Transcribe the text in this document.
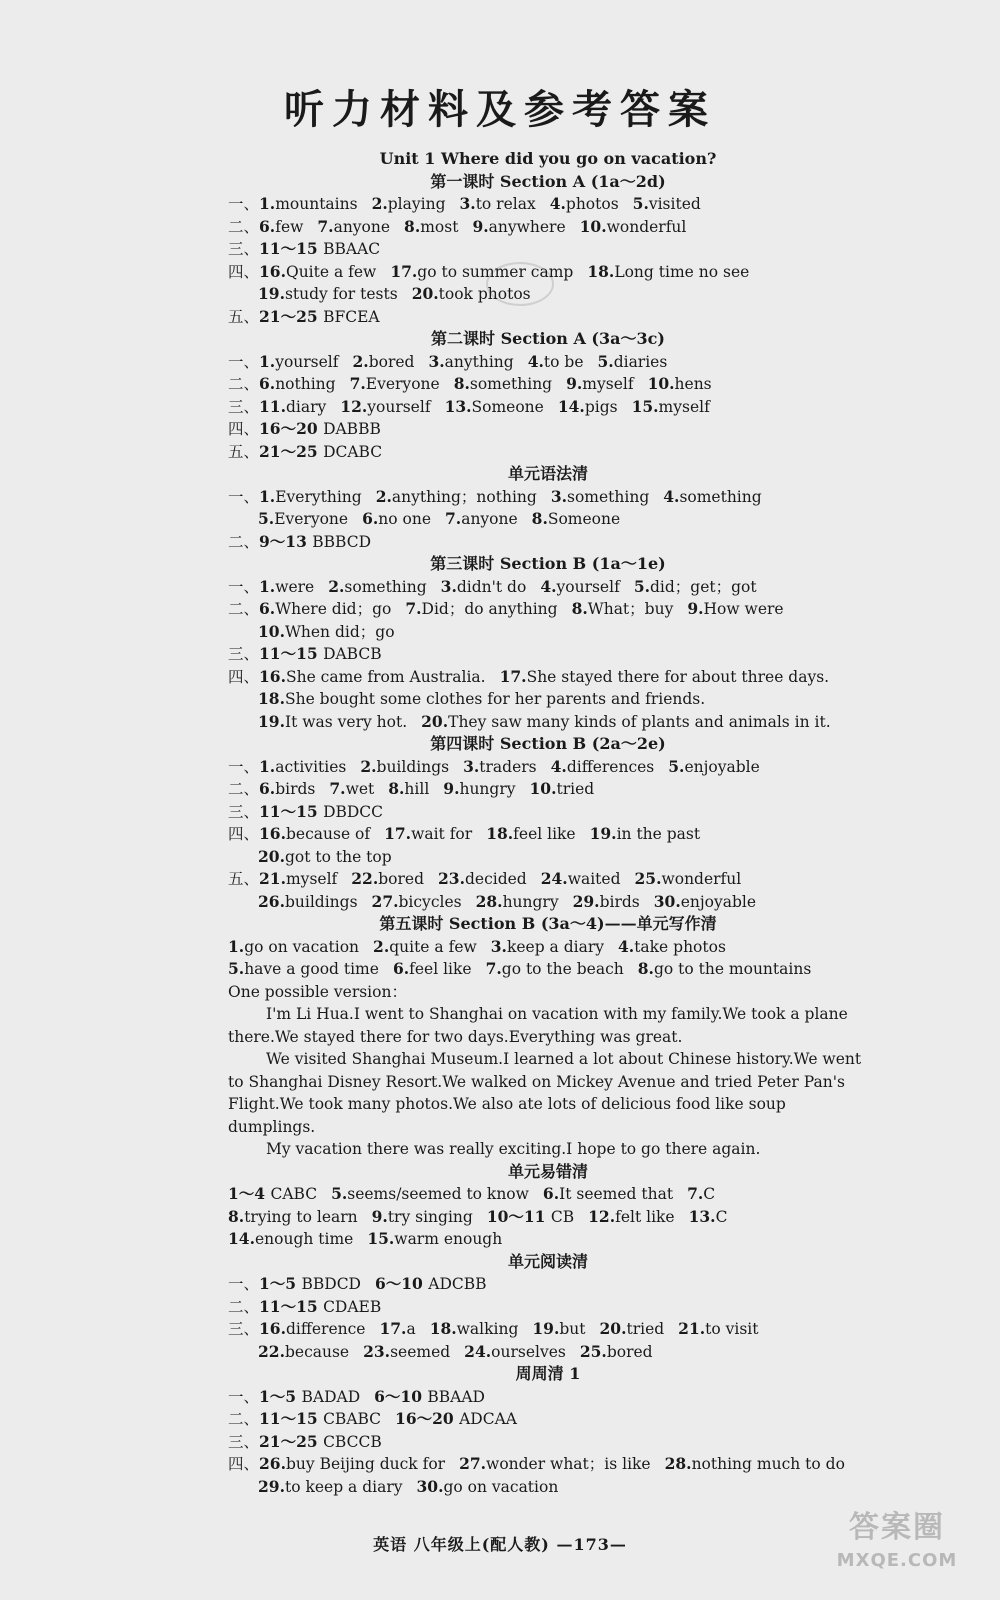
听力材料及参考答案
Unit 1 Where did you go on vacation?
第一课时 Section A (1a～2d)
一、1.mountains 2.playing 3.to relax 4.photos 5.visited
二、6.few 7.anyone 8.most 9.anywhere 10.wonderful
三、11～15 BBAAC
四、16.Quite a few 17.go to summer camp 18.Long time no see
19.study for tests 20.took photos
五、21～25 BFCEA
第二课时 Section A (3a～3c)
一、1.yourself 2.bored 3.anything 4.to be 5.diaries
二、6.nothing 7.Everyone 8.something 9.myself 10.hens
三、11.diary 12.yourself 13.Someone 14.pigs 15.myself
四、16～20 DABBB
五、21～25 DCABC
单元语法清
一、1.Everything 2.anything；nothing 3.something 4.something
5.Everyone 6.no one 7.anyone 8.Someone
二、9～13 BBBCD
第三课时 Section B (1a～1e)
一、1.were 2.something 3.didn't do 4.yourself 5.did；get；got
二、6.Where did；go 7.Did；do anything 8.What；buy 9.How were
10.When did；go
三、11～15 DABCB
四、16.She came from Australia. 17.She stayed there for about three days.
18.She bought some clothes for her parents and friends.
19.It was very hot. 20.They saw many kinds of plants and animals in it.
第四课时 Section B (2a～2e)
一、1.activities 2.buildings 3.traders 4.differences 5.enjoyable
二、6.birds 7.wet 8.hill 9.hungry 10.tried
三、11～15 DBDCC
四、16.because of 17.wait for 18.feel like 19.in the past
20.got to the top
五、21.myself 22.bored 23.decided 24.waited 25.wonderful
26.buildings 27.bicycles 28.hungry 29.birds 30.enjoyable
第五课时 Section B (3a～4)——单元写作清
1.go on vacation 2.quite a few 3.keep a diary 4.take photos
5.have a good time 6.feel like 7.go to the beach 8.go to the mountains
One possible version：

I'm Li Hua.I went to Shanghai on vacation with my family.We took a plane there.We stayed there for two days.Everything was great.

We visited Shanghai Museum.I learned a lot about Chinese history.We went to Shanghai Disney Resort.We walked on Mickey Avenue and tried Peter Pan's Flight.We took many photos.We also ate lots of delicious food like soup dumplings.

My vacation there was really exciting.I hope to go there again.

单元易错清
1～4 CABC 5.seems/seemed to know 6.It seemed that 7.C
8.trying to learn 9.try singing 10～11 CB 12.felt like 13.C
14.enough time 15.warm enough
单元阅读清
一、1～5 BBDCD 6～10 ADCBB
二、11～15 CDAEB
三、16.difference 17.a 18.walking 19.but 20.tried 21.to visit
22.because 23.seemed 24.ourselves 25.bored
周周清 1
一、1～5 BADAD 6～10 BBAAD
二、11～15 CBABC 16～20 ADCAA
三、21～25 CBCCB
四、26.buy Beijing duck for 27.wonder what；is like 28.nothing much to do
29.to keep a diary 30.go on vacation
英语 八年级上(配人教) —173—	答案圈
MXQE.COM
